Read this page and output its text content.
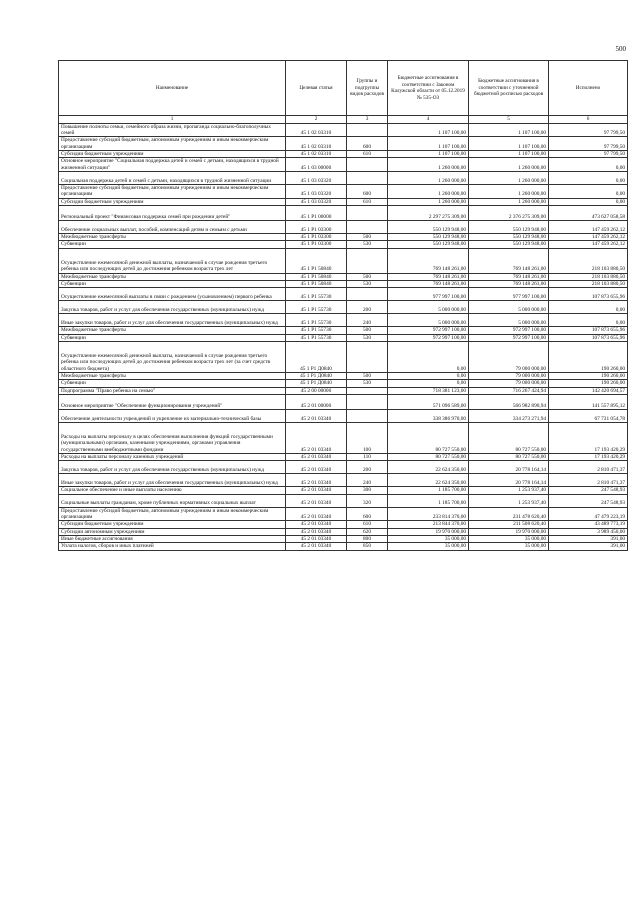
500
Наименование	Целевая статья	Группы и подгруппы видов расходов	Бюджетные ассигнования в соответствии с Законом Калужской области от 05.12.2019 № 535-ОЗ	Бюджетные ассигнования в соответствии с уточненной бюджетной росписью расходов	Исполнено
1	2	3	4	5	6
Повышение полноты семьи, семейного образа жизни, пропаганда социально-благополучных семей	45 1 02 03310		1 107 100,00	1 107 100,00	97 799,50
Предоставление субсидий бюджетным, автономным учреждениям и иным некоммерческим организациям	45 1 02 03310	600	1 107 100,00	1 107 100,00	97 799,50
Субсидии бюджетным учреждениям	45 1 02 03310	610	1 107 100,00	1 107 100,00	97 799,50
Основное мероприятие "Социальная поддержка детей и семей с детьми, находящихся в трудной жизненной ситуации"	45 1 03 00000		1 260 000,00	1 260 000,00	0,00
Социальная поддержка детей и семей с детьми, находящихся в трудной жизненной ситуации	45 1 03 03320		1 260 000,00	1 260 000,00	0,00
Предоставление субсидий бюджетным, автономным учреждениям и иным некоммерческим организациям	45 1 03 03320	600	1 260 000,00	1 260 000,00	0,00
Субсидии бюджетным учреждениям	45 1 03 03320	610	1 260 000,00	1 260 000,00	0,00
Региональный проект "Финансовая поддержка семей при рождении детей"	45 1 P1 00000		2 297 275 309,00	2 376 275 309,00	473 627 058,58
Обеспечение социальных выплат, пособий, компенсаций детям и семьям с детьми	45 1 P1 03300		550 129 948,00	550 129 948,00	147 459 262,12
Межбюджетные трансферты	45 1 P1 03300	500	550 129 948,00	550 129 948,00	147 459 262,12
Субвенции	45 1 P1 03300	530	550 129 948,00	550 129 948,00	147 459 262,12
Осуществление ежемесячной денежной выплаты, назначаемой в случае рождения третьего ребенка или последующих детей до достижения ребенком возраста трех лет	45 1 P1 50840		769 148 261,00	769 148 261,00	218 103 880,50
Межбюджетные трансферты	45 1 P1 50840	500	769 148 261,00	769 148 261,00	218 103 880,50
Субвенции	45 1 P1 50840	530	769 148 261,00	769 148 261,00	218 103 880,50
Осуществление ежемесячной выплаты в связи с рождением (усыновлением) первого ребенка	45 1 P1 55730		977 997 100,00	977 997 100,00	107 873 655,96
Закупка товаров, работ и услуг для обеспечения государственных (муниципальных) нужд	45 1 P1 55730	200	5 000 000,00	5 000 000,00	0,00
Иные закупки товаров, работ и услуг для обеспечения государственных (муниципальных) нужд	45 1 P1 55730	240	5 000 000,00	5 000 000,00	0,00
Межбюджетные трансферты	45 1 P1 55730	500	972 997 100,00	972 997 100,00	107 873 655,96
Субвенции	45 1 P1 55730	530	972 997 100,00	972 997 100,00	107 873 655,96
Осуществление ежемесячной денежной выплаты, назначаемой в случае рождения третьего ребенка или последующих детей до достижения ребенком возраста трех лет (за счет средств областного бюджета)	45 1 P1 Д0840		0,00	79 000 000,00	190 260,00
Межбюджетные трансферты	45 1 P1 Д0840	500	0,00	79 000 000,00	190 260,00
Субвенции	45 1 P1 Д0840	530	0,00	79 000 000,00	190 260,00
Подпрограмма "Право ребенка на семью"	45 2 00 00000		718 381 123,00	716 267 424,94	142 420 694,57
Основное мероприятие "Обеспечение функционирования учреждений"	45 2 01 00000		571 096 589,00	566 982 890,94	141 557 895,12
Обеспечение деятельности учреждений и укрепление их материально-технической базы	45 2 01 03340		338 386 970,00	334 273 271,94	67 731 054,78
Расходы на выплаты персоналу в целях обеспечения выполнения функций государственными (муниципальными) органами, казенными учреждениями, органами управления государственными внебюджетными фондами	45 2 01 03340	100	80 727 550,00	80 727 550,00	17 193 420,29
Расходы на выплаты персоналу казенных учреждений	45 2 01 03340	110	80 727 550,00	80 727 550,00	17 193 420,29
Закупка товаров, работ и услуг для обеспечения государственных (муниципальных) нужд	45 2 01 03340	200	22 624 350,00	20 778 164,14	2 810 471,37
Иные закупки товаров, работ и услуг для обеспечения государственных (муниципальных) нужд	45 2 01 03340	240	22 624 350,00	20 778 164,14	2 810 471,37
Социальное обеспечение и иные выплаты населению	45 2 01 03340	300	1 185 700,00	1 253 937,40	247 548,93
Социальные выплаты гражданам, кроме публичных нормативных социальных выплат	45 2 01 03340	320	1 185 700,00	1 253 937,40	247 548,93
Предоставление субсидий бюджетным, автономным учреждениям и иным некоммерческим организациям	45 2 01 03340	600	233 814 370,00	231 478 620,40	47 479 223,19
Субсидии бюджетным учреждениям	45 2 01 03340	610	213 844 370,00	211 508 620,40	43 489 773,19
Субсидии автономным учреждениям	45 2 01 03340	620	19 970 000,00	19 970 000,00	3 989 450,00
Иные бюджетные ассигнования	45 2 01 03340	800	35 000,00	35 000,00	391,00
Уплата налогов, сборов и иных платежей	45 2 01 03340	850	35 000,00	35 000,00	391,00
